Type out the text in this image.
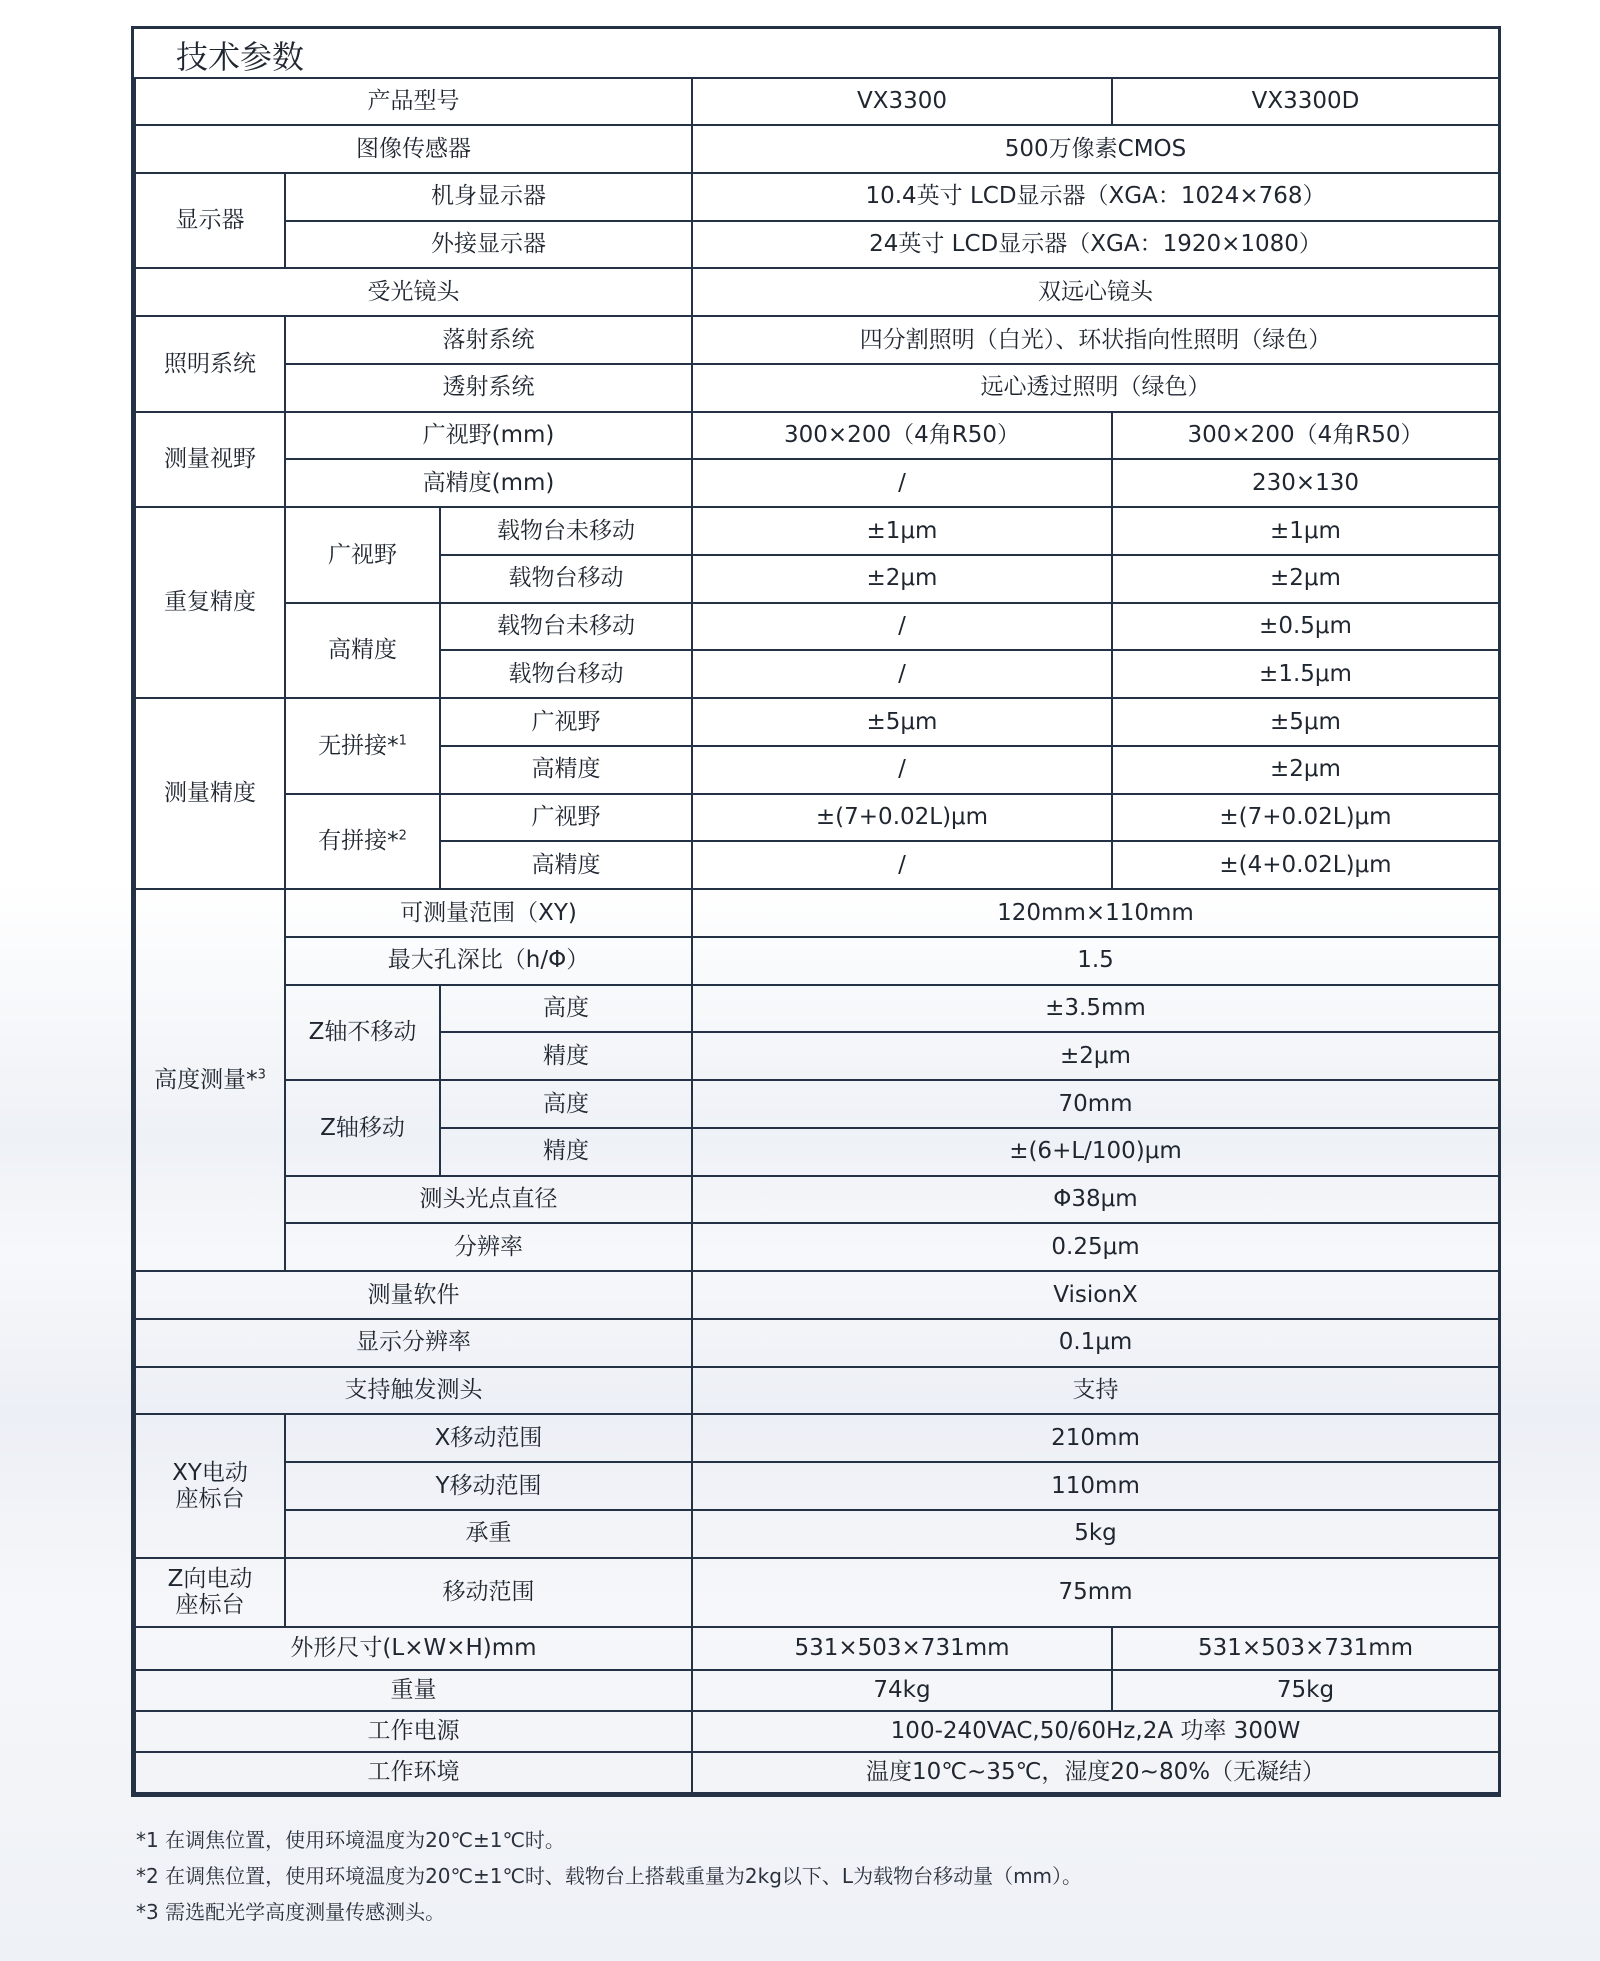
技术参数
产品型号			VX3300	VX3300D
图像传感器			500万像素CMOS	
显示器	机身显示器		10.4英寸 LCD显示器（XGA：1024×768）	
	外接显示器		24英寸 LCD显示器（XGA：1920×1080）	
受光镜头			双远心镜头	
照明系统	落射系统		四分割照明（白光）、环状指向性照明（绿色）	
	透射系统		远心透过照明（绿色）	
测量视野	广视野(mm)		300×200（4角R50）	300×200（4角R50）
	高精度(mm)		/	230×130
重复精度	广视野	载物台未移动	±1μm	±1μm
		载物台移动	±2μm	±2μm
	高精度	载物台未移动	/	±0.5μm
		载物台移动	/	±1.5μm
测量精度	无拼接*$^1$	广视野	±5μm	±5μm
		高精度	/	±2μm
	有拼接*$^2$	广视野	±(7+0.02L)μm	±(7+0.02L)μm
		高精度	/	±(4+0.02L)μm
高度测量*$^3$	可测量范围（XY)		120mm×110mm	
	最大孔深比（h/Φ）		1.5	
	Z轴不移动	高度	±3.5mm	
		精度	±2μm	
	Z轴移动	高度	70mm	
		精度	±(6+L/100)μm	
	测头光点直径		Φ38μm	
	分辨率		0.25μm	
测量软件			VisionX	
显示分辨率			0.1μm	
支持触发测头			支持	

XY电动
座标台	X移动范围		210mm	
	Y移动范围		110mm	
	承重		5kg	

Z向电动
座标台	移动范围		75mm	
外形尺寸(L×W×H)mm			531×503×731mm	531×503×731mm
重量			74kg	75kg
工作电源			100-240VAC,50/60Hz,2A 功率 300W	
工作环境			温度10℃~35℃，湿度20~80%（无凝结）	
*1 在调焦位置，使用环境温度为20℃±1℃时。
*2 在调焦位置，使用环境温度为20℃±1℃时、载物台上搭载重量为2kg以下、L为载物台移动量（mm）。
*3 需选配光学高度测量传感测头。
